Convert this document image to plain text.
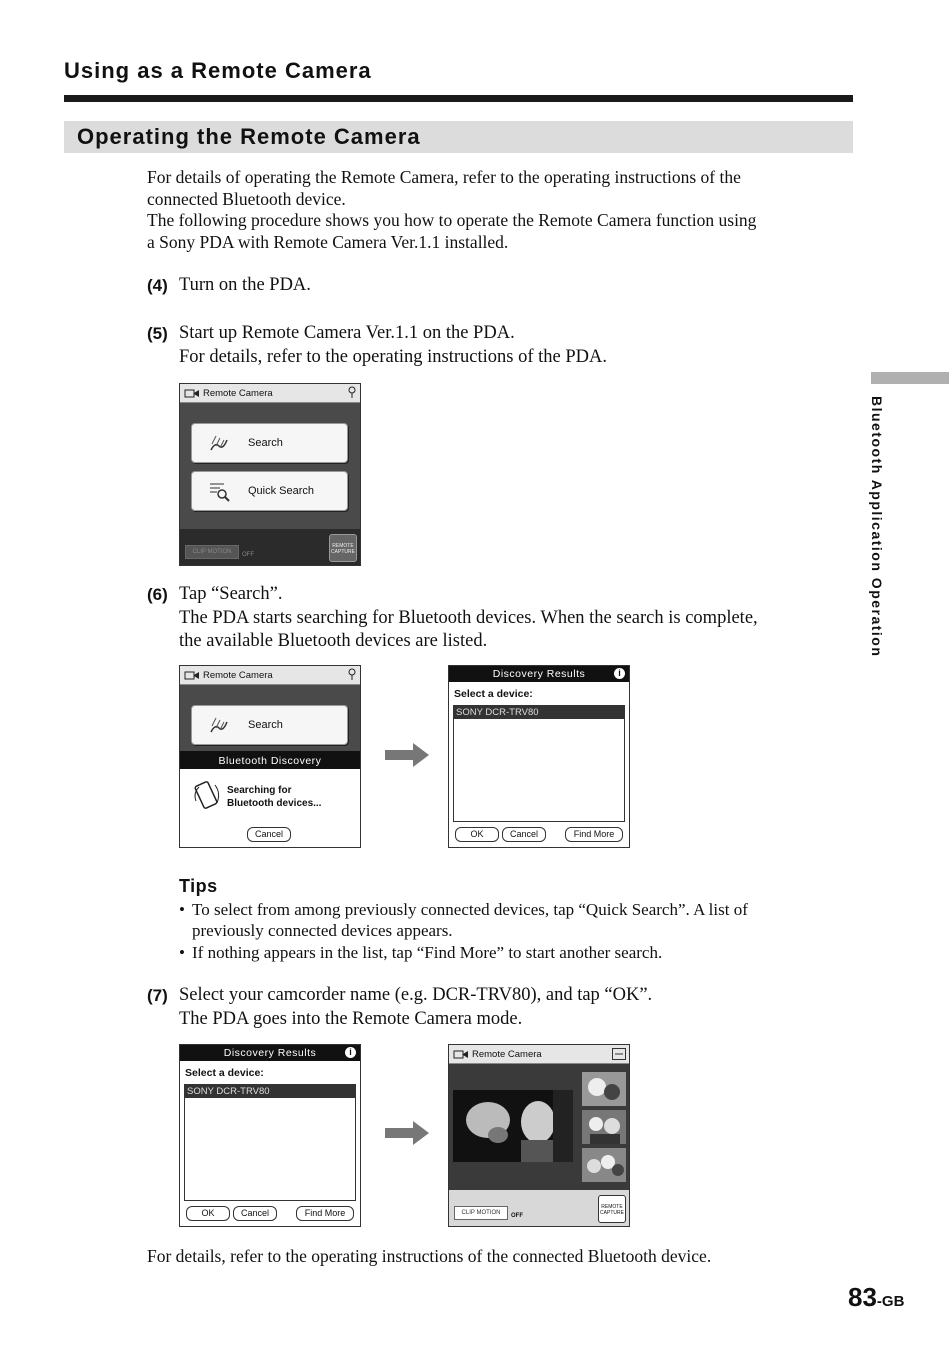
Using as a Remote Camera
Operating the Remote Camera
For details of operating the Remote Camera, refer to the operating instructions of the
connected Bluetooth device.
The following procedure shows you how to operate the Remote Camera function using
a Sony PDA with Remote Camera Ver.1.1 installed.
(4) Turn on the PDA.
(5) Start up Remote Camera Ver.1.1 on the PDA.
For details, refer to the operating instructions of the PDA.
Remote Camera
Search
Quick Search
CLIP MOTION	OFF
REMOTE
CAPTURE	Bluetooth Application Operation
(6) Tap “Search”.
The PDA starts searching for Bluetooth devices. When the search is complete,
the available Bluetooth devices are listed.
Remote Camera
Search
Bluetooth Discovery
Searching for
Bluetooth devices...
Cancel
Discovery Results	i
Select a device:
SONY DCR-TRV80
OK	Cancel	Find More
Tips
• To select from among previously connected devices, tap “Quick Search”. A list of
previously connected devices appears.
• If nothing appears in the list, tap “Find More” to start another search.
(7) Select your camcorder name (e.g. DCR-TRV80), and tap “OK”.
The PDA goes into the Remote Camera mode.
Discovery Results	i
Select a device:
SONY DCR-TRV80
OK	Cancel	Find More
Remote Camera
CLIP MOTION	OFF
REMOTE
CAPTURE
For details, refer to the operating instructions of the connected Bluetooth device.
83-GB
